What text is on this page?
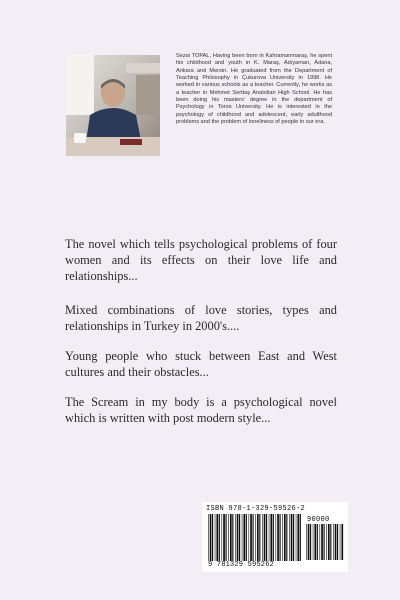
Sezai TOPAL, Having been born in Kahramanmaraş, he spent his childhood and youth in K. Maraş, Adıyaman, Adana, Ankara and Mersin. He graduated from the Department of Teaching Philosophy in Çukurova University in 1998. He worked in various schools as a teacher. Currently, he works as a teacher in Mehmet Serttaş Anatolian High School. He has been doing his masters' degree in the department of Psychology in Toros University. He is interested in the psychology of childhood and adolescent, early adulthood problems and the problem of loneliness of people in our era.

The novel which tells psychological problems of four women and its effects on their love life and relationships...

Mixed combinations of love stories, types and relationships in Turkey in 2000's....

Young people who stuck between East and West cultures and their obstacles...

The Scream in my body is a psychological novel which is written with post modern style...

ISBN 978-1-329-59526-2
90000
9 781329 595262
